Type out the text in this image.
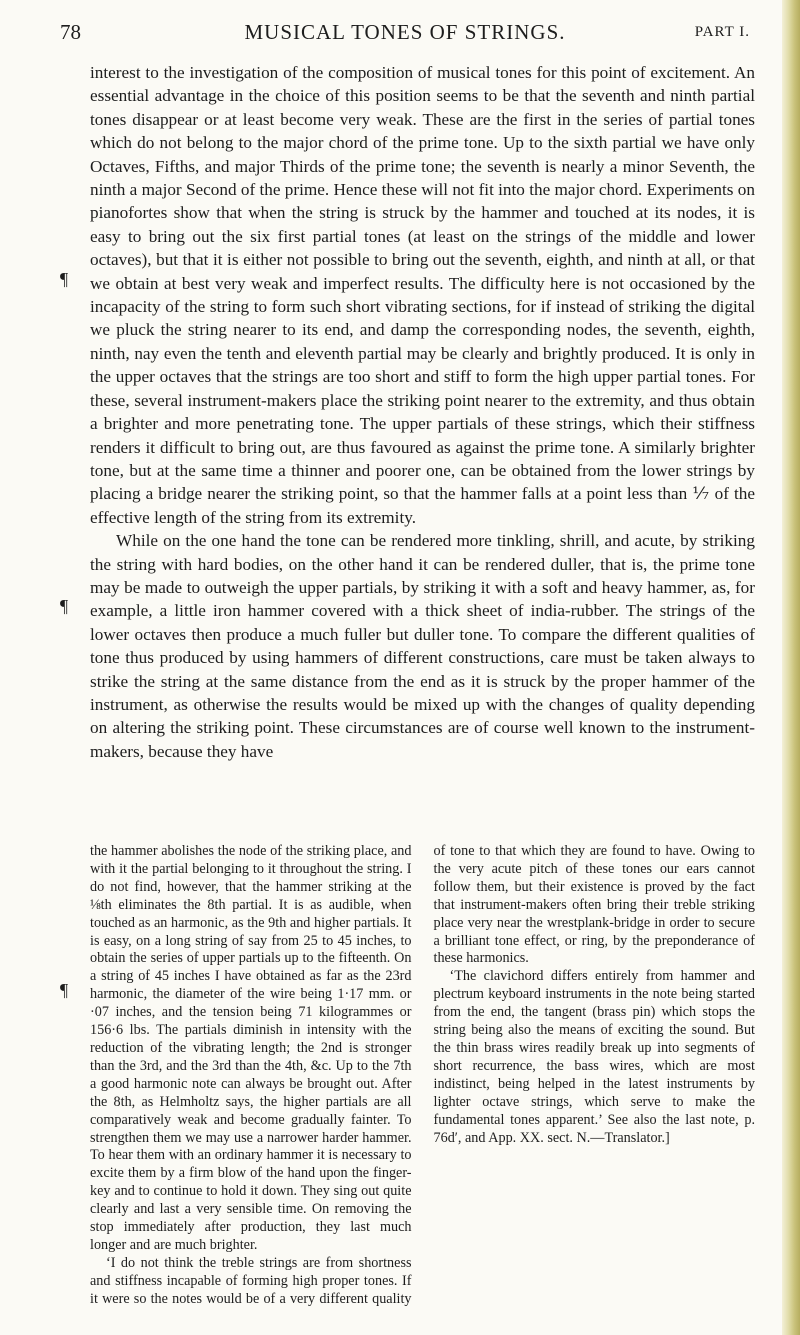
78	MUSICAL TONES OF STRINGS.	PART I.
¶
¶
¶

interest to the investigation of the composition of musical tones for this point of excitement. An essential advantage in the choice of this position seems to be that the seventh and ninth partial tones disappear or at least become very weak. These are the first in the series of partial tones which do not belong to the major chord of the prime tone. Up to the sixth partial we have only Octaves, Fifths, and major Thirds of the prime tone; the seventh is nearly a minor Seventh, the ninth a major Second of the prime. Hence these will not fit into the major chord. Experiments on pianofortes show that when the string is struck by the hammer and touched at its nodes, it is easy to bring out the six first partial tones (at least on the strings of the middle and lower octaves), but that it is either not possible to bring out the seventh, eighth, and ninth at all, or that we obtain at best very weak and imperfect results. The difficulty here is not occasioned by the incapacity of the string to form such short vibrating sections, for if instead of striking the digital we pluck the string nearer to its end, and damp the corresponding nodes, the seventh, eighth, ninth, nay even the tenth and eleventh partial may be clearly and brightly produced. It is only in the upper octaves that the strings are too short and stiff to form the high upper partial tones. For these, several instrument-makers place the striking point nearer to the extremity, and thus obtain a brighter and more penetrating tone. The upper partials of these strings, which their stiffness renders it difficult to bring out, are thus favoured as against the prime tone. A similarly brighter tone, but at the same time a thinner and poorer one, can be obtained from the lower strings by placing a bridge nearer the striking point, so that the hammer falls at a point less than ⅐ of the effective length of the string from its extremity.

While on the one hand the tone can be rendered more tinkling, shrill, and acute, by striking the string with hard bodies, on the other hand it can be rendered duller, that is, the prime tone may be made to outweigh the upper partials, by striking it with a soft and heavy hammer, as, for example, a little iron hammer covered with a thick sheet of india-rubber. The strings of the lower octaves then produce a much fuller but duller tone. To compare the different qualities of tone thus produced by using hammers of different constructions, care must be taken always to strike the string at the same distance from the end as it is struck by the proper hammer of the instrument, as otherwise the results would be mixed up with the changes of quality depending on altering the striking point. These circumstances are of course well known to the instrument-makers, because they have

the hammer abolishes the node of the striking place, and with it the partial belonging to it throughout the string. I do not find, however, that the hammer striking at the ⅛th eliminates the 8th partial. It is as audible, when touched as an harmonic, as the 9th and higher partials. It is easy, on a long string of say from 25 to 45 inches, to obtain the series of upper partials up to the fifteenth. On a string of 45 inches I have obtained as far as the 23rd harmonic, the diameter of the wire being 1·17 mm. or ·07 inches, and the tension being 71 kilogrammes or 156·6 lbs. The partials diminish in intensity with the reduction of the vibrating length; the 2nd is stronger than the 3rd, and the 3rd than the 4th, &c. Up to the 7th a good harmonic note can always be brought out. After the 8th, as Helmholtz says, the higher partials are all comparatively weak and become gradually fainter. To strengthen them we may use a narrower harder hammer. To hear them with an ordinary hammer it is necessary to excite them by a firm blow of the hand upon the finger-key and to continue to hold it down. They sing out quite clearly and last a very sensible time. On removing the stop immediately after production, they last much longer and are much brighter.

‘I do not think the treble strings are from shortness and stiffness incapable of forming high proper tones. If it were so the notes would be of a very different quality of tone to that which they are found to have. Owing to the very acute pitch of these tones our ears cannot follow them, but their existence is proved by the fact that instrument-makers often bring their treble striking place very near the wrestplank-bridge in order to secure a brilliant tone effect, or ring, by the preponderance of these harmonics.

‘The clavichord differs entirely from hammer and plectrum keyboard instruments in the note being started from the end, the tangent (brass pin) which stops the string being also the means of exciting the sound. But the thin brass wires readily break up into segments of short recurrence, the bass wires, which are most indistinct, being helped in the latest instruments by lighter octave strings, which serve to make the fundamental tones apparent.’ See also the last note, p. 76d′, and App. XX. sect. N.—Translator.]
